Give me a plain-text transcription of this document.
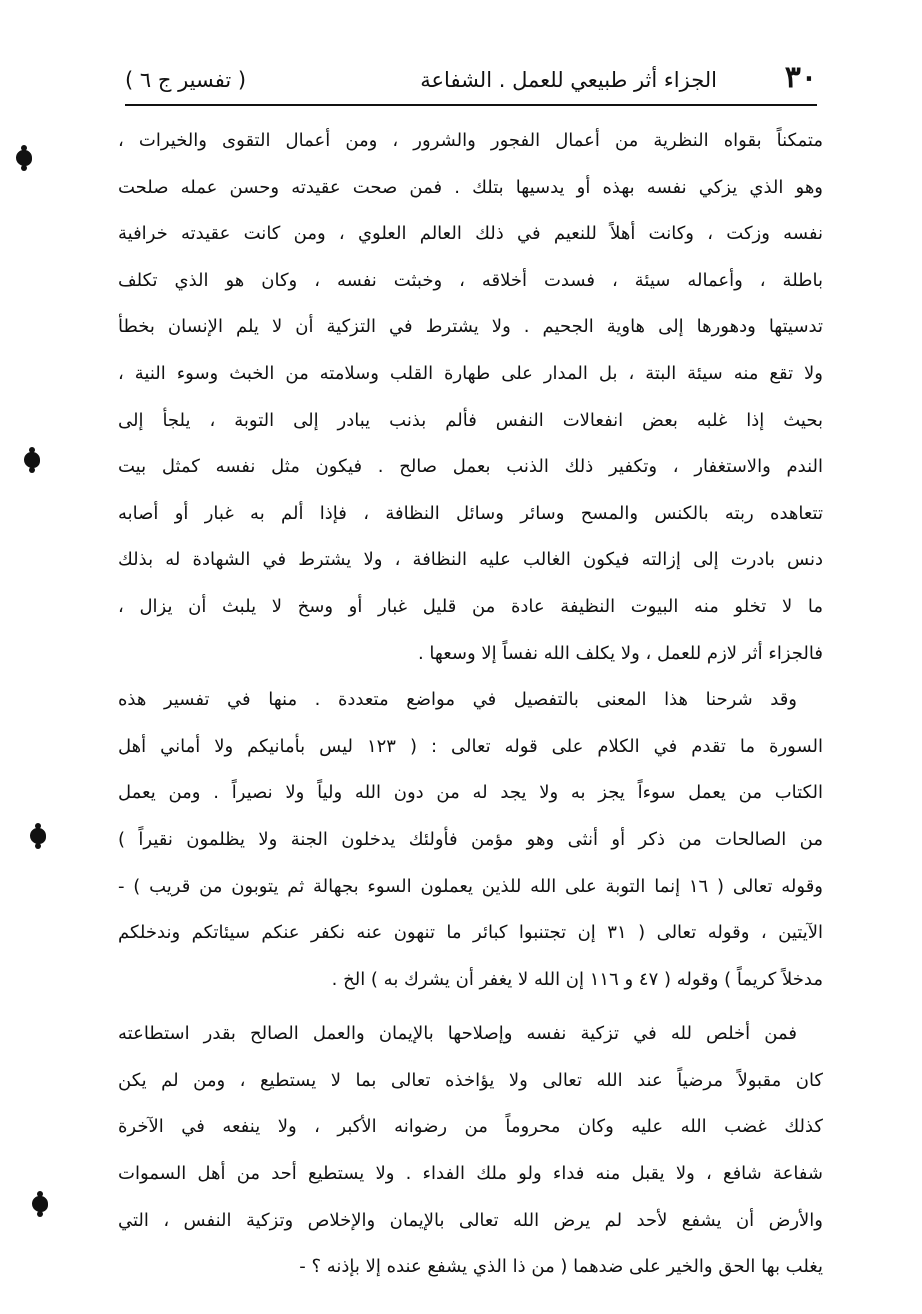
٣٠
الجزاء أثر طبيعي للعمل . الشفاعة
( تفسير ج ٦ )
متمكناً بقواه النظرية من أعمال الفجور والشرور ، ومن أعمال التقوى والخيرات ،
وهو الذي يزكي نفسه بهذه أو يدسيها بتلك . فمن صحت عقيدته وحسن عمله صلحت
نفسه وزكت ، وكانت أهلاً للنعيم في ذلك العالم العلوي ، ومن كانت عقيدته خرافية
باطلة ، وأعماله سيئة ، فسدت أخلاقه ، وخبثت نفسه ، وكان هو الذي تكلف
تدسيتها ودهورها إلى هاوية الجحيم . ولا يشترط في التزكية أن لا يلم الإنسان بخطأ
ولا تقع منه سيئة البتة ، بل المدار على طهارة القلب وسلامته من الخبث وسوء النية ،
بحيث إذا غلبه بعض انفعالات النفس فألم بذنب يبادر إلى التوبة ، يلجأ إلى
الندم والاستغفار ، وتكفير ذلك الذنب بعمل صالح . فيكون مثل نفسه كمثل بيت
تتعاهده ربته بالكنس والمسح وسائر وسائل النظافة ، فإذا ألم به غبار أو أصابه
دنس بادرت إلى إزالته فيكون الغالب عليه النظافة ، ولا يشترط في الشهادة له بذلك
ما لا تخلو منه البيوت النظيفة عادة من قليل غبار أو وسخ لا يلبث أن يزال ،
فالجزاء أثر لازم للعمل ، ولا يكلف الله نفساً إلا وسعها .
وقد شرحنا هذا المعنى بالتفصيل في مواضع متعددة . منها في تفسير هذه
السورة ما تقدم في الكلام على قوله تعالى : ( ١٢٣ ليس بأمانيكم ولا أماني أهل
الكتاب من يعمل سوءاً يجز به ولا يجد له من دون الله ولياً ولا نصيراً . ومن يعمل
من الصالحات من ذكر أو أنثى وهو مؤمن فأولئك يدخلون الجنة ولا يظلمون نقيراً )
وقوله تعالى ( ١٦ إنما التوبة على الله للذين يعملون السوء بجهالة ثم يتوبون من قريب ) -
الآيتين ، وقوله تعالى ( ٣١ إن تجتنبوا كبائر ما تنهون عنه نكفر عنكم سيئاتكم وندخلكم
مدخلاً كريماً ) وقوله ( ٤٧ و ١١٦ إن الله لا يغفر أن يشرك به ) الخ .
فمن أخلص لله في تزكية نفسه وإصلاحها بالإيمان والعمل الصالح بقدر استطاعته
كان مقبولاً مرضياً عند الله تعالى ولا يؤاخذه تعالى بما لا يستطيع ، ومن لم يكن
كذلك غضب الله عليه وكان محروماً من رضوانه الأكبر ، ولا ينفعه في الآخرة
شفاعة شافع ، ولا يقبل منه فداء ولو ملك الفداء . ولا يستطيع أحد من أهل السموات
والأرض أن يشفع لأحد لم يرض الله تعالى بالإيمان والإخلاص وتزكية النفس ، التي
يغلب بها الحق والخير على ضدهما ( من ذا الذي يشفع عنده إلا بإذنه ؟ -
